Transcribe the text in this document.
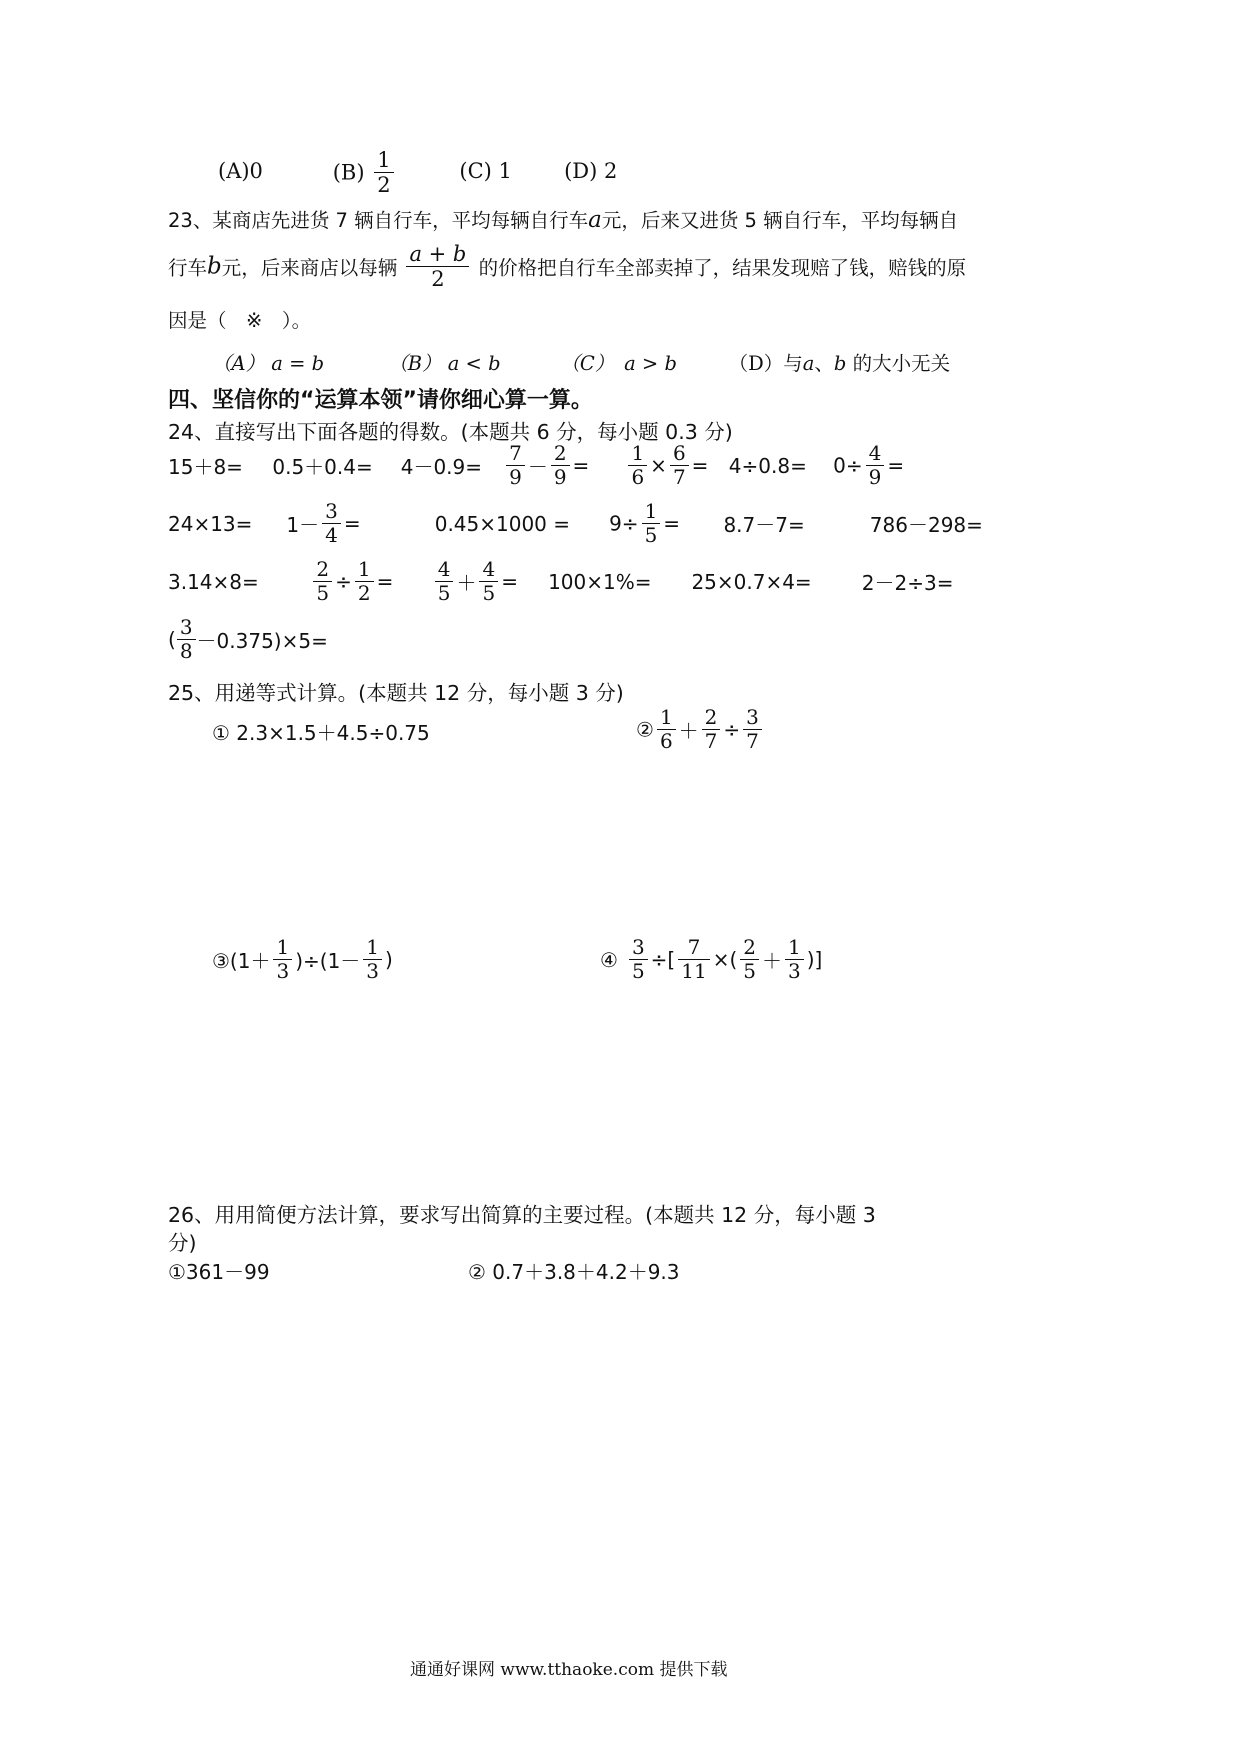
(A)0	$(B) \frac{1}{2}$	(C) 1 (D) 2
23、某商店先进货 7 辆自行车，平均每辆自行车a元，后来又进货 5 辆自行车，平均每辆自
行车b元，后来商店以每辆 $\frac{a + b}{2}$ 的价格把自行车全部卖掉了，结果发现赔了钱，赔钱的原
因是（　※　）。
（A） a = b	（B） a < b	（C）　a > b	（D）与a、b 的大小无关
四、坚信你的“运算本领”请你细心算一算。
24、直接写出下面各题的得数。(本题共 6 分，每小题 0.3 分)
$15+8= 0.5+0.4= 4-0.9= \frac{7}{9} - \frac{2}{9} = \frac{1}{6} \times \frac{6}{7} = 4\div 0.8= 0\div \frac{4}{9}$ =
$24\times 13= 1- \frac{3}{4}$ =	$0.45\times 1000 = 9\div \frac{1}{5} = 8.7-7=$	786－298=
3.14×8=	$\frac{2}{5} \div \frac{1}{2} = \frac{4}{5} + \frac{4}{5} = 100\times 1\%= 25\times 0.7\times 4=$	2－2÷3=
( $\frac{3}{8} -0.375)\times 5=$
25、用递等式计算。(本题共 12 分，每小题 3 分)
① 2.3×1.5＋4.5÷0.75	② $\frac{1}{6} + \frac{2}{7} \div \frac{3}{7}$
③(1＋ $\frac{1}{3} )\div(1- \frac{1}{3}$ )	④ $\frac{3}{5}$ ÷[ $\frac{7}{11}$ ×( $\frac{2}{5} + \frac{1}{3}$ )]
26、用用简便方法计算，要求写出简算的主要过程。(本题共 12 分，每小题 3
分)
①361－99	② 0.7＋3.8＋4.2＋9.3
通通好课网 www.tthaoke.com 提供下载
